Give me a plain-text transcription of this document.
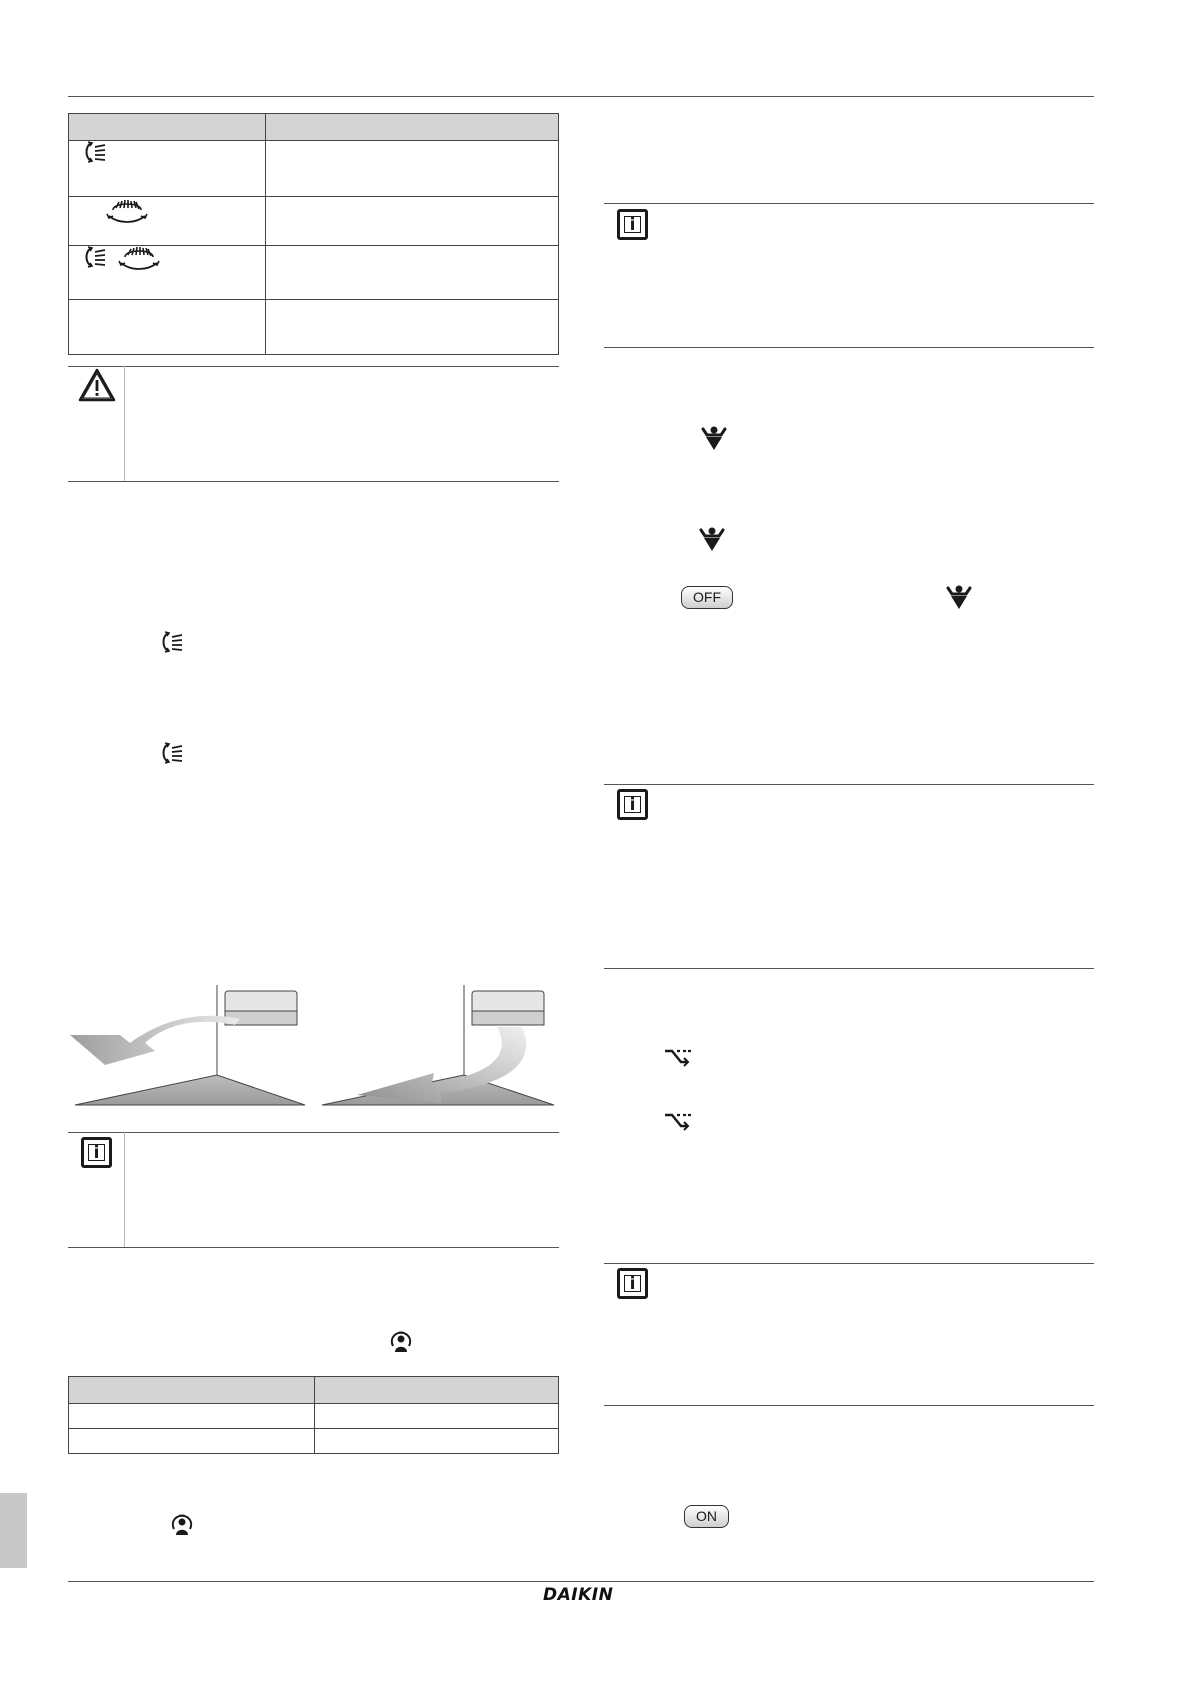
i

i
OFF
i
i
ON
DAIKIN
